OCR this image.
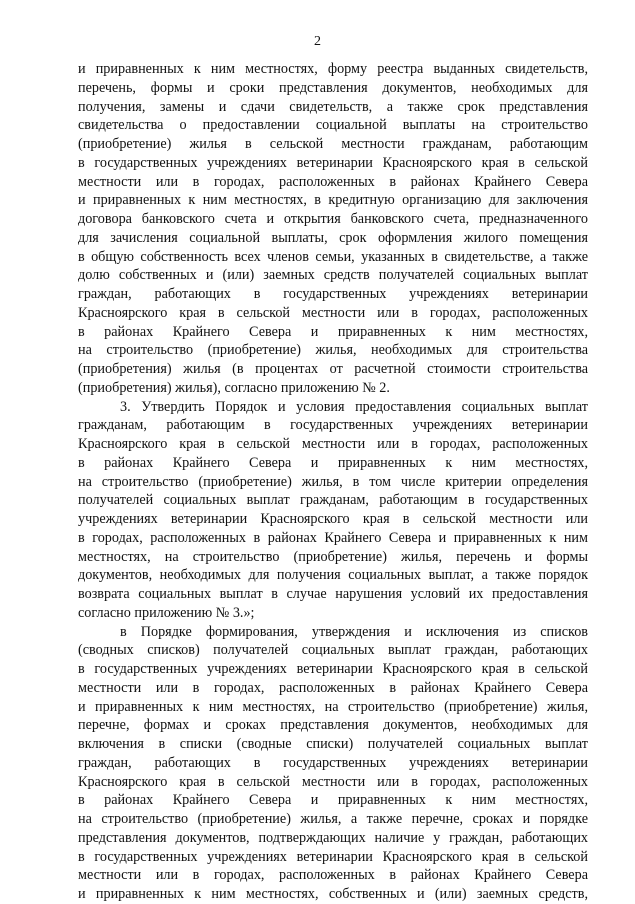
2
и приравненных к ним местностях, форму реестра выданных свидетельств,
перечень, формы и сроки представления документов, необходимых для
получения, замены и сдачи свидетельств, а также срок представления
свидетельства о предоставлении социальной выплаты на строительство
(приобретение) жилья в сельской местности гражданам, работающим
в государственных учреждениях ветеринарии Красноярского края в сельской
местности или в городах, расположенных в районах Крайнего Севера
и приравненных к ним местностях, в кредитную организацию для заключения
договора банковского счета и открытия банковского счета, предназначенного
для зачисления социальной выплаты, срок оформления жилого помещения
в общую собственность всех членов семьи, указанных в свидетельстве, а также
долю собственных и (или) заемных средств получателей социальных выплат
граждан, работающих в государственных учреждениях ветеринарии
Красноярского края в сельской местности или в городах, расположенных
в районах Крайнего Севера и приравненных к ним местностях,
на строительство (приобретение) жилья, необходимых для строительства
(приобретения) жилья (в процентах от расчетной стоимости строительства
(приобретения) жилья), согласно приложению № 2.
3. Утвердить Порядок и условия предоставления социальных выплат
гражданам, работающим в государственных учреждениях ветеринарии
Красноярского края в сельской местности или в городах, расположенных
в районах Крайнего Севера и приравненных к ним местностях,
на строительство (приобретение) жилья, в том числе критерии определения
получателей социальных выплат гражданам, работающим в государственных
учреждениях ветеринарии Красноярского края в сельской местности или
в городах, расположенных в районах Крайнего Севера и приравненных к ним
местностях, на строительство (приобретение) жилья, перечень и формы
документов, необходимых для получения социальных выплат, а также порядок
возврата социальных выплат в случае нарушения условий их предоставления
согласно приложению № 3.»;
в Порядке формирования, утверждения и исключения из списков
(сводных списков) получателей социальных выплат граждан, работающих
в государственных учреждениях ветеринарии Красноярского края в сельской
местности или в городах, расположенных в районах Крайнего Севера
и приравненных к ним местностях, на строительство (приобретение) жилья,
перечне, формах и сроках представления документов, необходимых для
включения в списки (сводные списки) получателей социальных выплат
граждан, работающих в государственных учреждениях ветеринарии
Красноярского края в сельской местности или в городах, расположенных
в районах Крайнего Севера и приравненных к ним местностях,
на строительство (приобретение) жилья, а также перечне, сроках и порядке
представления документов, подтверждающих наличие у граждан, работающих
в государственных учреждениях ветеринарии Красноярского края в сельской
местности или в городах, расположенных в районах Крайнего Севера
и приравненных к ним местностях, собственных и (или) заемных средств,
